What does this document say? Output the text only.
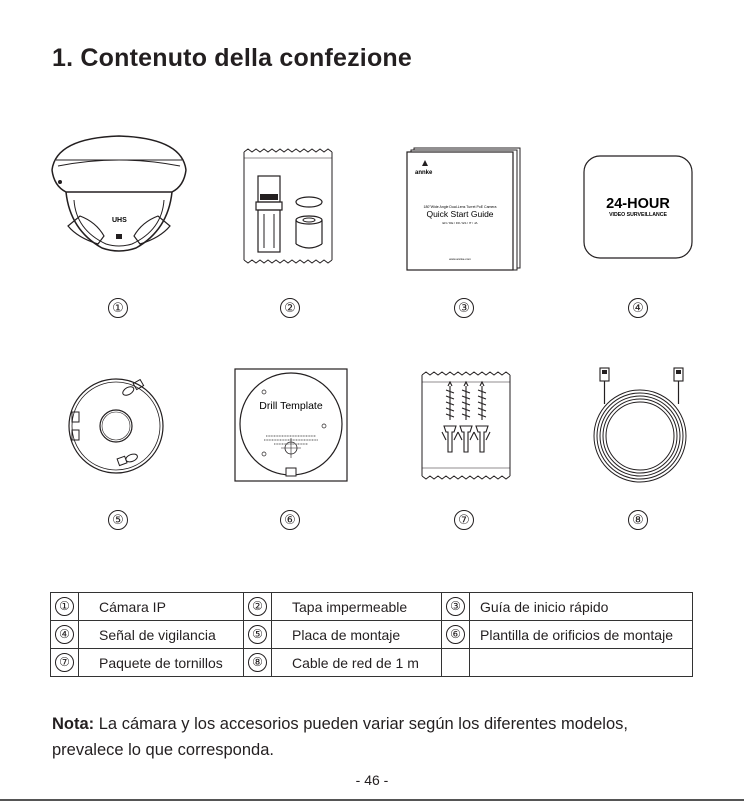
1. Contenuto della confezione
UHS
①	②
annke
180°Wide Angle Dual-Lens Turret PoE Camera
Quick Start Guide
EN / DE / FR / ES / IT / JA
www.annke.com
③
24-HOUR
VIDEO SURVEILLANCE
④
⑤
Drill Template
⑥	⑦	⑧
①	Cámara IP	②	Tapa impermeable	③	Guía de inicio rápido
④	Señal de vigilancia	⑤	Placa de montaje	⑥	Plantilla de orificios de montaje
⑦	Paquete de tornillos	⑧	Cable de red de 1 m		
Nota: La cámara y los accesorios pueden variar según los diferentes modelos, prevalece lo que corresponda.
- 46 -
